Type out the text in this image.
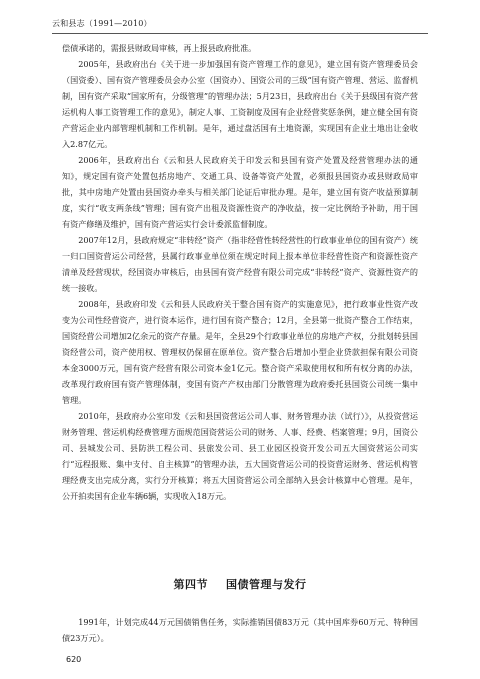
云和县志（1991—2010）

偿债承诺的，需报县财政局审核，再上报县政府批准。

2005年，县政府出台《关于进一步加强国有资产管理工作的意见》，建立国有资产管理委员会（国资委）、国有资产管理委员会办公室（国资办）、国资公司的三级“国有资产管理、营运、监督机制，国有资产采取“国家所有，分级管理”的管理办法；5月23日，县政府出台《关于县级国有资产营运机构人事工资管理工作的意见》，制定人事、工资制度及国有企业经营奖惩条例，建立健全国有资产营运企业内部管理机制和工作机制。是年，通过盘活国有土地资源，实现国有企业土地出让金收入2.87亿元。

2006年，县政府出台《云和县人民政府关于印发云和县国有资产处置及经营管理办法的通知》，规定国有资产处置包括房地产、交通工具、设备等资产处置，必须报县国资办或县财政局审批，其中房地产处置由县国资办牵头与相关部门论证后审批办理。是年，建立国有资产收益预算制度，实行“收支两条线”管理；国有资产出租及资源性资产的净收益，按一定比例给予补助，用于国有资产修缮及维护，国有资产营运实行会计委派监督制度。

2007年12月，县政府规定“非转经”资产（指非经营性转经营性的行政事业单位的国有资产）统一归口国资营运公司经营，县属行政事业单位须在规定时间上报本单位非经营性资产和资源性资产清单及经营现状，经国资办审核后，由县国有资产经营有限公司完成“非转经”资产、资源性资产的统一接收。

2008年，县政府印发《云和县人民政府关于整合国有资产的实施意见》，把行政事业性资产改变为公司性经营资产，进行资本运作，进行国有资产整合；12月，全县第一批资产整合工作结束，国资经营公司增加2亿余元的资产存量。是年，全县29个行政事业单位的房地产产权，分批划转县国资经营公司，资产使用权、管理权仍保留在原单位。资产整合后增加小型企业贷款担保有限公司资本金3000万元，国有资产经营有限公司资本金1亿元。整合资产采取使用权和所有权分离的办法，改革现行政府国有资产管理体制，变国有资产产权由部门分散管理为政府委托县国资公司统一集中管理。

2010年，县政府办公室印发《云和县国资营运公司人事、财务管理办法（试行）》，从投资营运财务管理、营运机构经费管理方面规范国资营运公司的财务、人事、经费、档案管理；9月，国资公司、县城发公司、县防洪工程公司、县旅发公司、县工业园区投资开发公司五大国资营运公司实行“远程报账、集中支付、自主核算”的管理办法，五大国资营运公司的投资营运财务、营运机构管理经费支出完成分离，实行分开核算；将五大国资营运公司全部纳入县会计核算中心管理。是年，公开拍卖国有企业车辆6辆，实现收入18万元。

第四节 国债管理与发行

1991年，计划完成44万元国债销售任务，实际推销国债83万元（其中国库券60万元、特种国债23万元）。

620
